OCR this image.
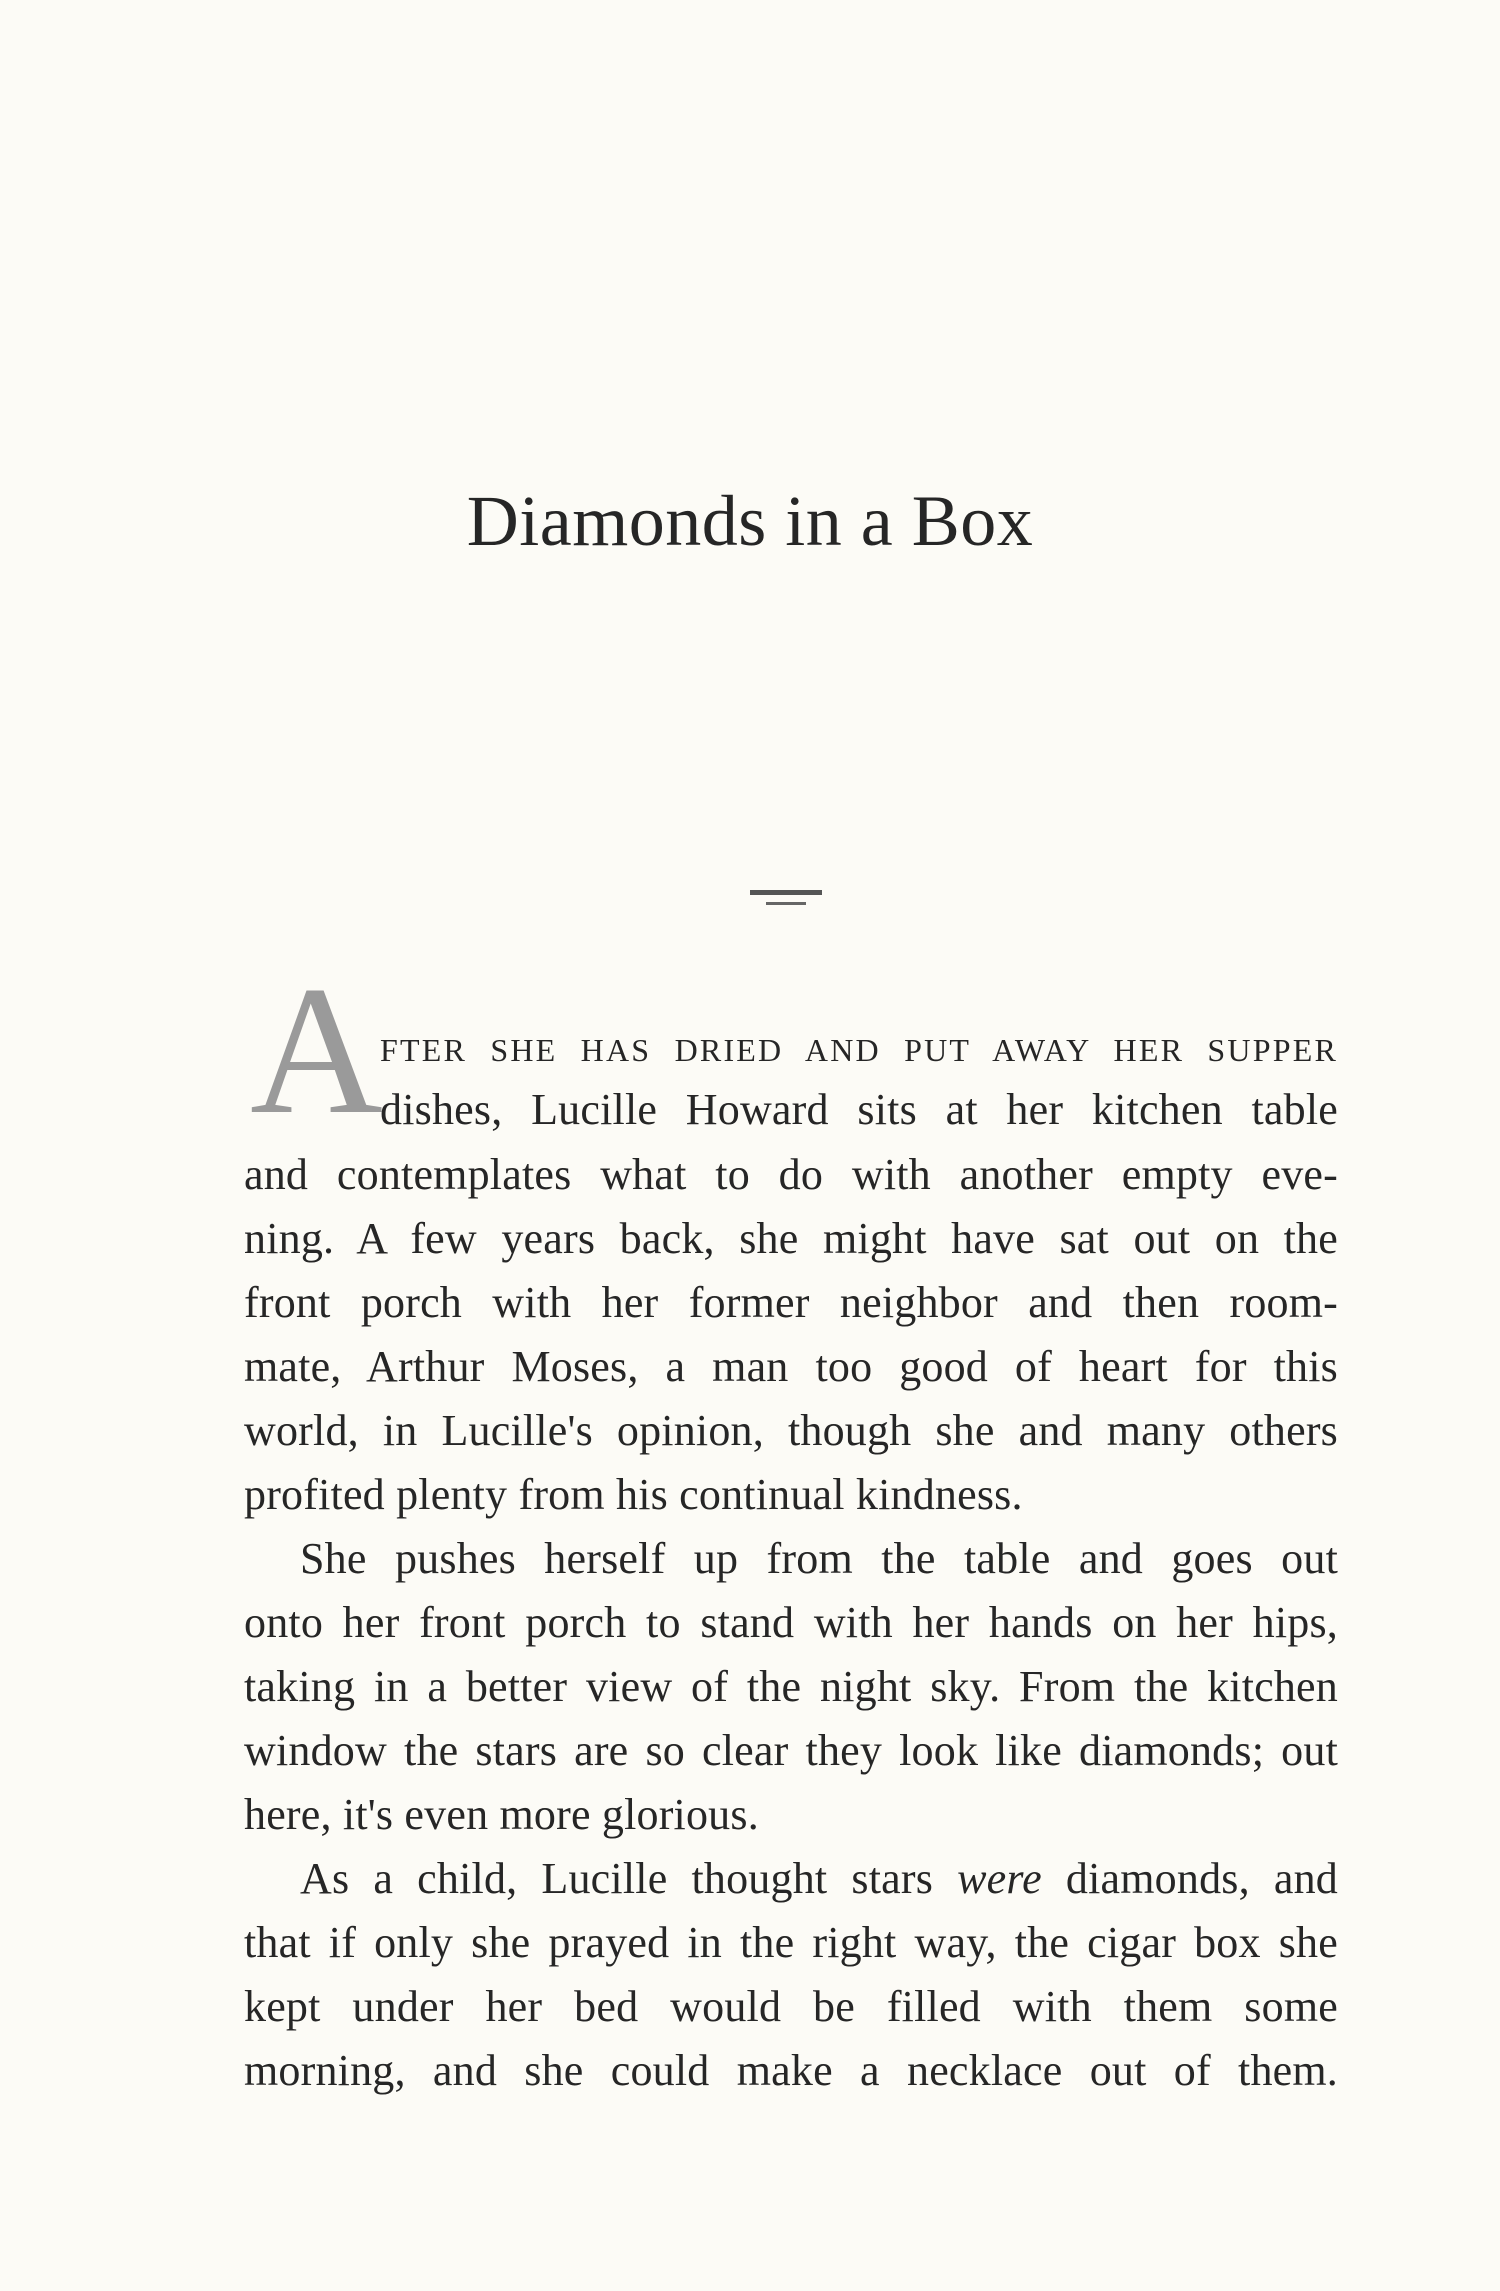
Diamonds in a Box
A
FTER SHE HAS DRIED AND PUT AWAY HER SUPPER
dishes, Lucille Howard sits at her kitchen table
and contemplates what to do with another empty eve-
ning. A few years back, she might have sat out on the
front porch with her former neighbor and then room-
mate, Arthur Moses, a man too good of heart for this
world, in Lucille's opinion, though she and many others
profited plenty from his continual kindness.
She pushes herself up from the table and goes out
onto her front porch to stand with her hands on her hips,
taking in a better view of the night sky. From the kitchen
window the stars are so clear they look like diamonds; out
here, it's even more glorious.
As a child, Lucille thought stars were diamonds, and
that if only she prayed in the right way, the cigar box she
kept under her bed would be filled with them some
morning, and she could make a necklace out of them.
